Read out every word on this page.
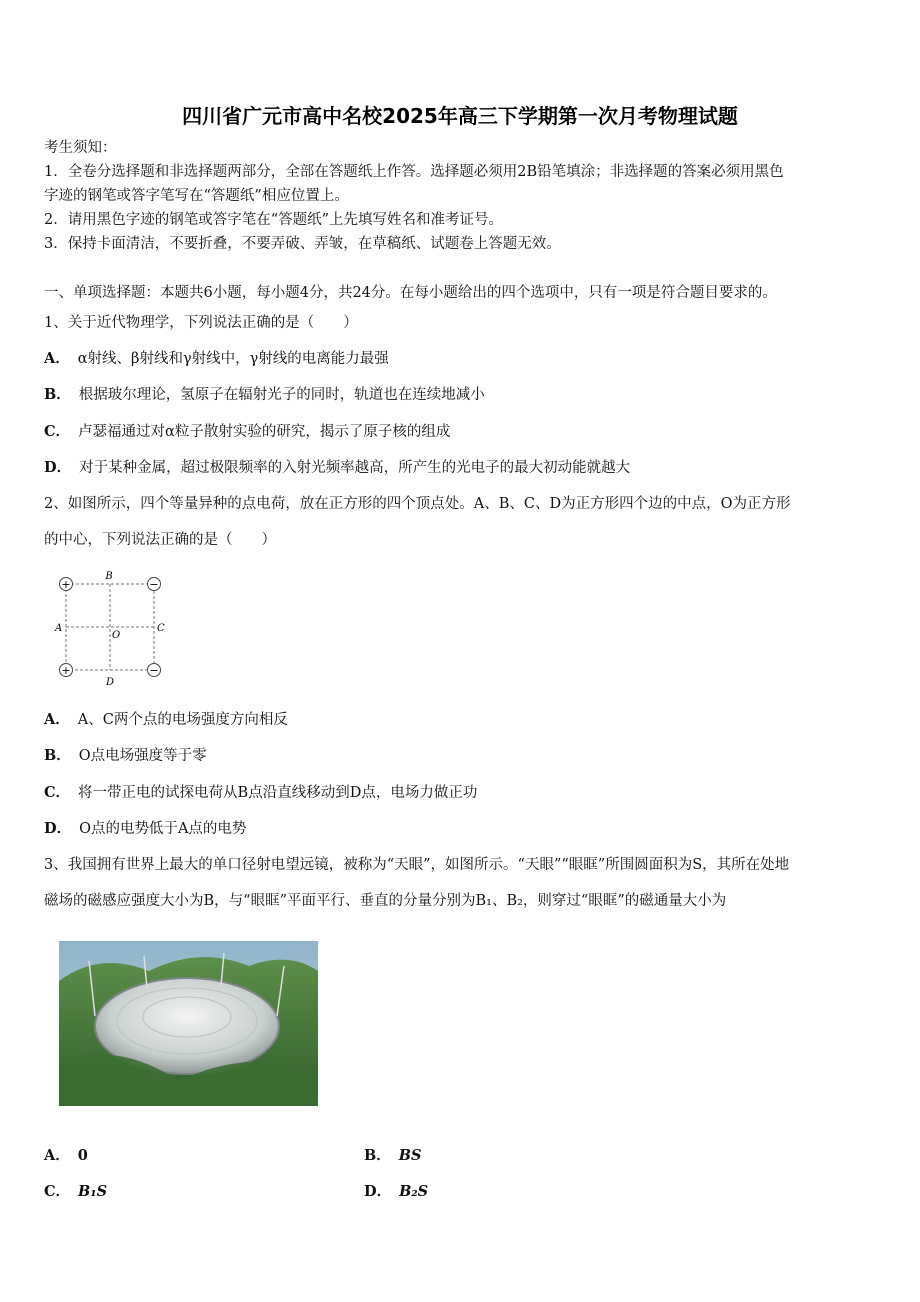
四川省广元市高中名校2025年高三下学期第一次月考物理试题
考生须知：
1．全卷分选择题和非选择题两部分，全部在答题纸上作答。选择题必须用2B铅笔填涂；非选择题的答案必须用黑色
字迹的钢笔或答字笔写在“答题纸”相应位置上。
2．请用黑色字迹的钢笔或答字笔在“答题纸”上先填写姓名和准考证号。
3．保持卡面清洁，不要折叠，不要弄破、弄皱，在草稿纸、试题卷上答题无效。
一、单项选择题：本题共6小题，每小题4分，共24分。在每小题给出的四个选项中，只有一项是符合题目要求的。
1、关于近代物理学，下列说法正确的是（　　）
A． α射线、β射线和γ射线中，γ射线的电离能力最强
B． 根据玻尔理论，氢原子在辐射光子的同时，轨道也在连续地减小
C． 卢瑟福通过对α粒子散射实验的研究，揭示了原子核的组成
D． 对于某种金属，超过极限频率的入射光频率越高，所产生的光电子的最大初动能就越大
2、如图所示，四个等量异种的点电荷，放在正方形的四个顶点处。A、B、C、D为正方形四个边的中点，O为正方形
的中心，下列说法正确的是（　　）
+	−
+	−
B
A
O
C
D
A． A、C两个点的电场强度方向相反
B． O点电场强度等于零
C． 将一带正电的试探电荷从B点沿直线移动到D点，电场力做正功
D． O点的电势低于A点的电势
3、我国拥有世界上最大的单口径射电望远镜，被称为“天眼”，如图所示。“天眼”“眼眶”所围圆面积为S，其所在处地
磁场的磁感应强度大小为B，与“眼眶”平面平行、垂直的分量分别为B₁、B₂，则穿过“眼眶”的磁通量大小为
A． 0	B． BS
C． B₁S	D． B₂S
